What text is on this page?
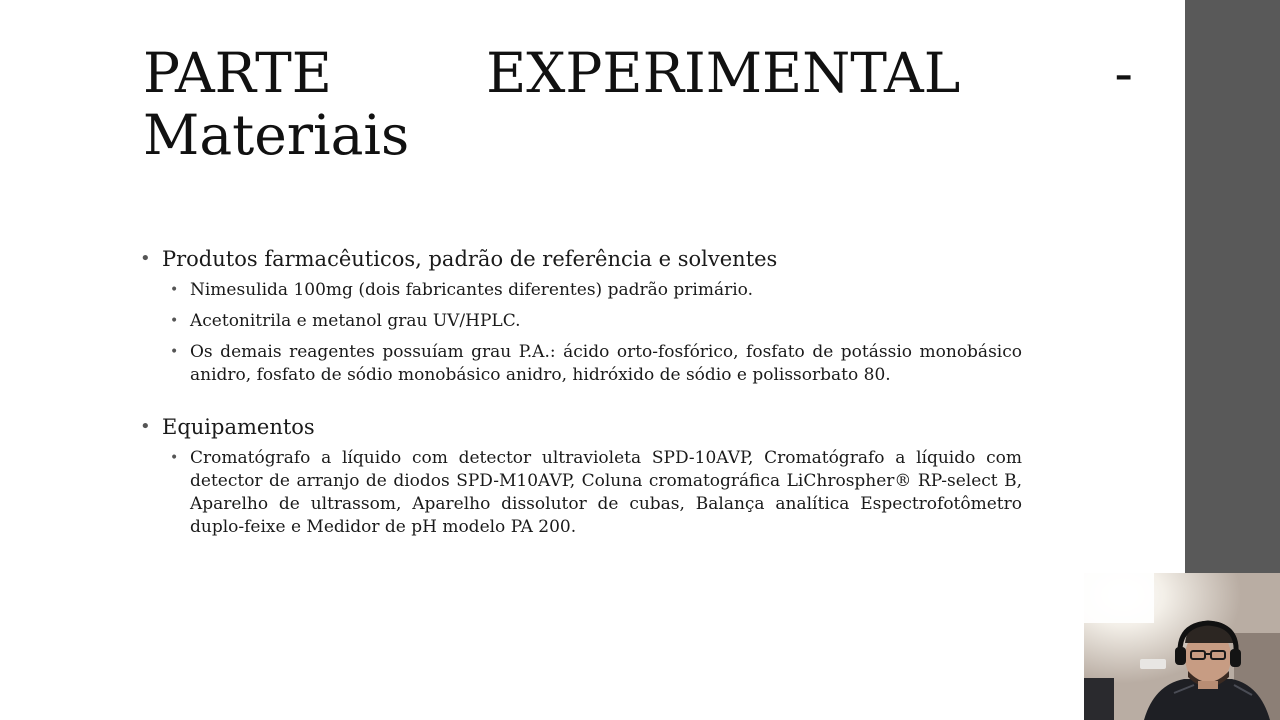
PARTE	EXPERIMENTAL	-
Materiais
• Produtos farmacêuticos, padrão de referência e solventes
• Nimesulida 100mg (dois fabricantes diferentes) padrão primário.
• Acetonitrila e metanol grau UV/HPLC.
• Os demais reagentes possuíam grau P.A.: ácido orto-fosfórico, fosfato de potássio monobásico anidro, fosfato de sódio monobásico anidro, hidróxido de sódio e polissorbato 80.
• Equipamentos
• Cromatógrafo a líquido com detector ultravioleta SPD-10AVP, Cromatógrafo a líquido com detector de arranjo de diodos SPD-M10AVP, Coluna cromatográfica LiChrospher® RP-select B, Aparelho de ultrassom, Aparelho dissolutor de cubas, Balança analítica Espectrofotômetro duplo-feixe e Medidor de pH modelo PA 200.
